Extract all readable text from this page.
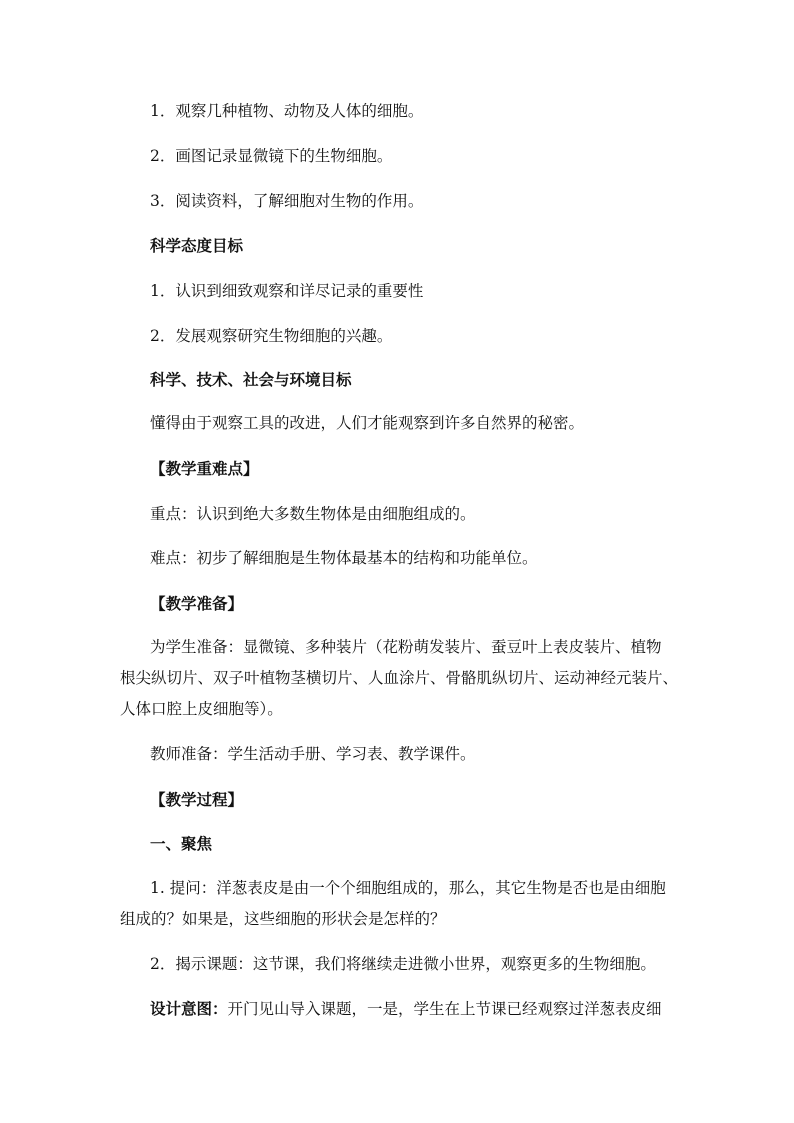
1．观察几种植物、动物及人体的细胞。

2．画图记录显微镜下的生物细胞。

3．阅读资料，了解细胞对生物的作用。

科学态度目标

1．认识到细致观察和详尽记录的重要性

2．发展观察研究生物细胞的兴趣。

科学、技术、社会与环境目标

懂得由于观察工具的改进，人们才能观察到许多自然界的秘密。

【教学重难点】

重点：认识到绝大多数生物体是由细胞组成的。

难点：初步了解细胞是生物体最基本的结构和功能单位。

【教学准备】

为学生准备：显微镜、多种装片（花粉萌发装片、蚕豆叶上表皮装片、植物

根尖纵切片、双子叶植物茎横切片、人血涂片、骨骼肌纵切片、运动神经元装片、

人体口腔上皮细胞等）。

教师准备：学生活动手册、学习表、教学课件。

【教学过程】

一、聚焦

1. 提问：洋葱表皮是由一个个细胞组成的，那么，其它生物是否也是由细胞

组成的？如果是，这些细胞的形状会是怎样的？

2．揭示课题：这节课，我们将继续走进微小世界，观察更多的生物细胞。

设计意图：开门见山导入课题，一是，学生在上节课已经观察过洋葱表皮细
